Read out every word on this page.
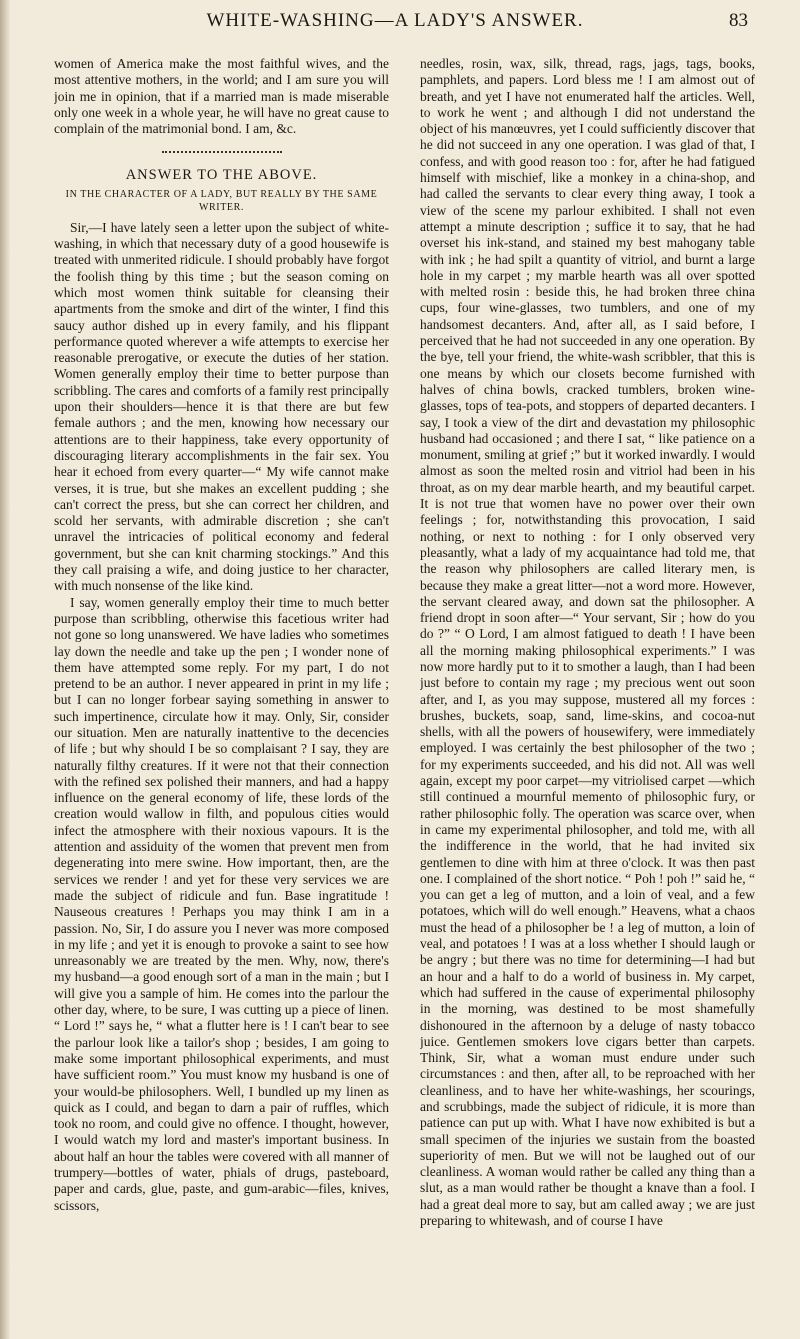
WHITE-WASHING—A LADY'S ANSWER.	83

women of America make the most faithful wives, and the most attentive mothers, in the world; and I am sure you will join me in opinion, that if a married man is made miserable only one week in a whole year, he will have no great cause to complain of the matrimonial bond. I am, &c.

ANSWER TO THE ABOVE.
IN THE CHARACTER OF A LADY, BUT REALLY BY THE SAME WRITER.

Sir,—I have lately seen a letter upon the subject of white-washing, in which that necessary duty of a good housewife is treated with unmerited ridicule. I should probably have forgot the foolish thing by this time ; but the season coming on which most women think suitable for cleansing their apartments from the smoke and dirt of the winter, I find this saucy author dished up in every family, and his flippant performance quoted wherever a wife attempts to exercise her reasonable prerogative, or execute the duties of her station. Women generally employ their time to better purpose than scribbling. The cares and comforts of a family rest principally upon their shoulders—hence it is that there are but few female authors ; and the men, knowing how necessary our attentions are to their happiness, take every opportunity of discouraging literary accomplishments in the fair sex. You hear it echoed from every quarter—“ My wife cannot make verses, it is true, but she makes an excellent pudding ; she can't correct the press, but she can correct her children, and scold her servants, with admirable discretion ; she can't unravel the intricacies of political economy and federal government, but she can knit charming stockings.” And this they call praising a wife, and doing justice to her character, with much nonsense of the like kind.

I say, women generally employ their time to much better purpose than scribbling, otherwise this facetious writer had not gone so long unanswered. We have ladies who sometimes lay down the needle and take up the pen ; I wonder none of them have attempted some reply. For my part, I do not pretend to be an author. I never appeared in print in my life ; but I can no longer forbear saying something in answer to such impertinence, circulate how it may. Only, Sir, consider our situation. Men are naturally inattentive to the decencies of life ; but why should I be so complaisant ? I say, they are naturally filthy creatures. If it were not that their connection with the refined sex polished their manners, and had a happy influence on the general economy of life, these lords of the creation would wallow in filth, and populous cities would infect the atmosphere with their noxious vapours. It is the attention and assiduity of the women that prevent men from degenerating into mere swine. How important, then, are the services we render ! and yet for these very services we are made the subject of ridicule and fun. Base ingratitude ! Nauseous creatures ! Perhaps you may think I am in a passion. No, Sir, I do assure you I never was more composed in my life ; and yet it is enough to provoke a saint to see how unreasonably we are treated by the men. Why, now, there's my husband—a good enough sort of a man in the main ; but I will give you a sample of him. He comes into the parlour the other day, where, to be sure, I was cutting up a piece of linen. “ Lord !” says he, “ what a flutter here is ! I can't bear to see the parlour look like a tailor's shop ; besides, I am going to make some important philosophical experiments, and must have sufficient room.” You must know my husband is one of your would-be philosophers. Well, I bundled up my linen as quick as I could, and began to darn a pair of ruffles, which took no room, and could give no offence. I thought, however, I would watch my lord and master's important business. In about half an hour the tables were covered with all manner of trumpery—bottles of water, phials of drugs, pasteboard, paper and cards, glue, paste, and gum-arabic—files, knives, scissors,

needles, rosin, wax, silk, thread, rags, jags, tags, books, pamphlets, and papers. Lord bless me ! I am almost out of breath, and yet I have not enumerated half the articles. Well, to work he went ; and although I did not understand the object of his manœuvres, yet I could sufficiently discover that he did not succeed in any one operation. I was glad of that, I confess, and with good reason too : for, after he had fatigued himself with mischief, like a monkey in a china-shop, and had called the servants to clear every thing away, I took a view of the scene my parlour exhibited. I shall not even attempt a minute description ; suffice it to say, that he had overset his ink-stand, and stained my best mahogany table with ink ; he had spilt a quantity of vitriol, and burnt a large hole in my carpet ; my marble hearth was all over spotted with melted rosin : beside this, he had broken three china cups, four wine-glasses, two tumblers, and one of my handsomest decanters. And, after all, as I said before, I perceived that he had not succeeded in any one operation. By the bye, tell your friend, the white-wash scribbler, that this is one means by which our closets become furnished with halves of china bowls, cracked tumblers, broken wine-glasses, tops of tea-pots, and stoppers of departed decanters. I say, I took a view of the dirt and devastation my philosophic husband had occasioned ; and there I sat, “ like patience on a monument, smiling at grief ;” but it worked inwardly. I would almost as soon the melted rosin and vitriol had been in his throat, as on my dear marble hearth, and my beautiful carpet. It is not true that women have no power over their own feelings ; for, notwithstanding this provocation, I said nothing, or next to nothing : for I only observed very pleasantly, what a lady of my acquaintance had told me, that the reason why philosophers are called literary men, is because they make a great litter—not a word more. However, the servant cleared away, and down sat the philosopher. A friend dropt in soon after—“ Your servant, Sir ; how do you do ?” “ O Lord, I am almost fatigued to death ! I have been all the morning making philosophical experiments.” I was now more hardly put to it to smother a laugh, than I had been just before to contain my rage ; my precious went out soon after, and I, as you may suppose, mustered all my forces : brushes, buckets, soap, sand, lime-skins, and cocoa-nut shells, with all the powers of housewifery, were immediately employed. I was certainly the best philosopher of the two ; for my experiments succeeded, and his did not. All was well again, except my poor carpet—my vitriolised carpet —which still continued a mournful memento of philosophic fury, or rather philosophic folly. The operation was scarce over, when in came my experimental philosopher, and told me, with all the indifference in the world, that he had invited six gentlemen to dine with him at three o'clock. It was then past one. I complained of the short notice. “ Poh ! poh !” said he, “ you can get a leg of mutton, and a loin of veal, and a few potatoes, which will do well enough.” Heavens, what a chaos must the head of a philosopher be ! a leg of mutton, a loin of veal, and potatoes ! I was at a loss whether I should laugh or be angry ; but there was no time for determining—I had but an hour and a half to do a world of business in. My carpet, which had suffered in the cause of experimental philosophy in the morning, was destined to be most shamefully dishonoured in the afternoon by a deluge of nasty tobacco juice. Gentlemen smokers love cigars better than carpets. Think, Sir, what a woman must endure under such circumstances : and then, after all, to be reproached with her cleanliness, and to have her white-washings, her scourings, and scrubbings, made the subject of ridicule, it is more than patience can put up with. What I have now exhibited is but a small specimen of the injuries we sustain from the boasted superiority of men. But we will not be laughed out of our cleanliness. A woman would rather be called any thing than a slut, as a man would rather be thought a knave than a fool. I had a great deal more to say, but am called away ; we are just preparing to whitewash, and of course I have
